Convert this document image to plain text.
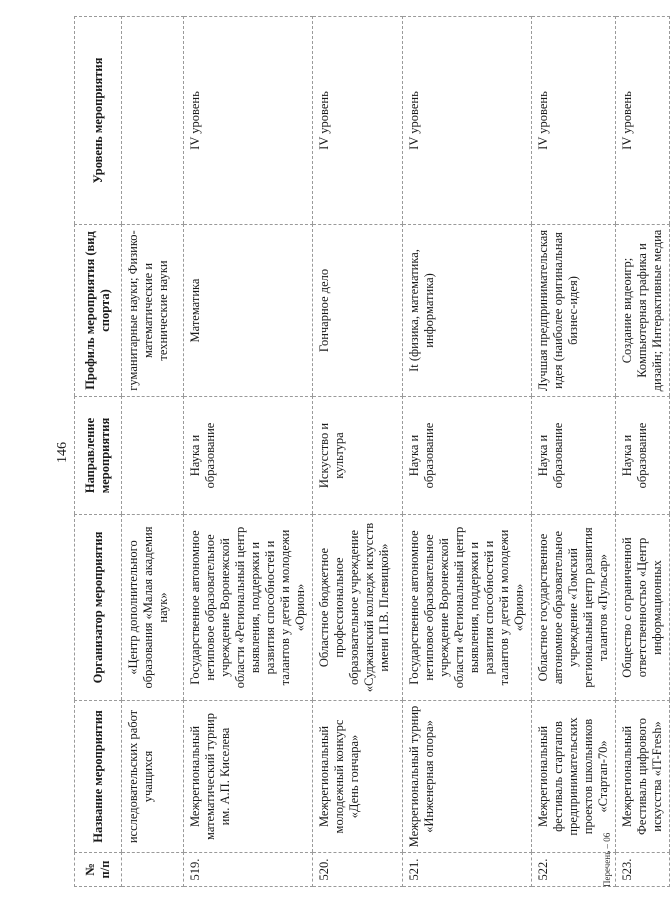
146
№ п/п	Название мероприятия	Организатор мероприятия	Направление мероприятия	Профиль мероприятия (вид спорта)	Уровень мероприятия
	исследовательских работ учащихся	«Центр дополнительного образования «Малая академия наук»		гуманитарные науки; Физико-математические и технические науки	
519.	Межрегиональный математический турнир им. А.П. Киселева	Государственное автономное нетиповое образовательное учреждение Воронежской области «Региональный центр выявления, поддержки и развития способностей и талантов у детей и молодежи «Орион»	Наука и образование	Математика	IV уровень
520.	Межрегиональный молодежный конкурс «День гончара»	Областное бюджетное профессиональное образовательное учреждение «Суджанский колледж искусств имени П.В. Плевицкой»	Искусство и культура	Гончарное дело	IV уровень
521.	Межрегиональный турнир «Инженерная опора»	Государственное автономное нетиповое образовательное учреждение Воронежской области «Региональный центр выявления, поддержки и развития способностей и талантов у детей и молодежи «Орион»	Наука и образование	It (физика, математика, информатика)	IV уровень
522.	Межрегиональный фестиваль стартапов предпринимательских проектов школьников «Стартап-70»	Областное государственное автономное образовательное учреждение «Томский региональный центр развития талантов «Пульсар»	Наука и образование	Лучшая предпринимательская идея (наиболее оригинальная бизнес-идея)	IV уровень
523.	Межрегиональный Фестиваль цифрового искусства «IT-Fresh»	Общество с ограниченной ответственностью «Центр информационных	Наука и образование	Создание видеоигр; Компьютерная графика и дизайн; Интерактивные медиа	IV уровень
Перечень – 06
